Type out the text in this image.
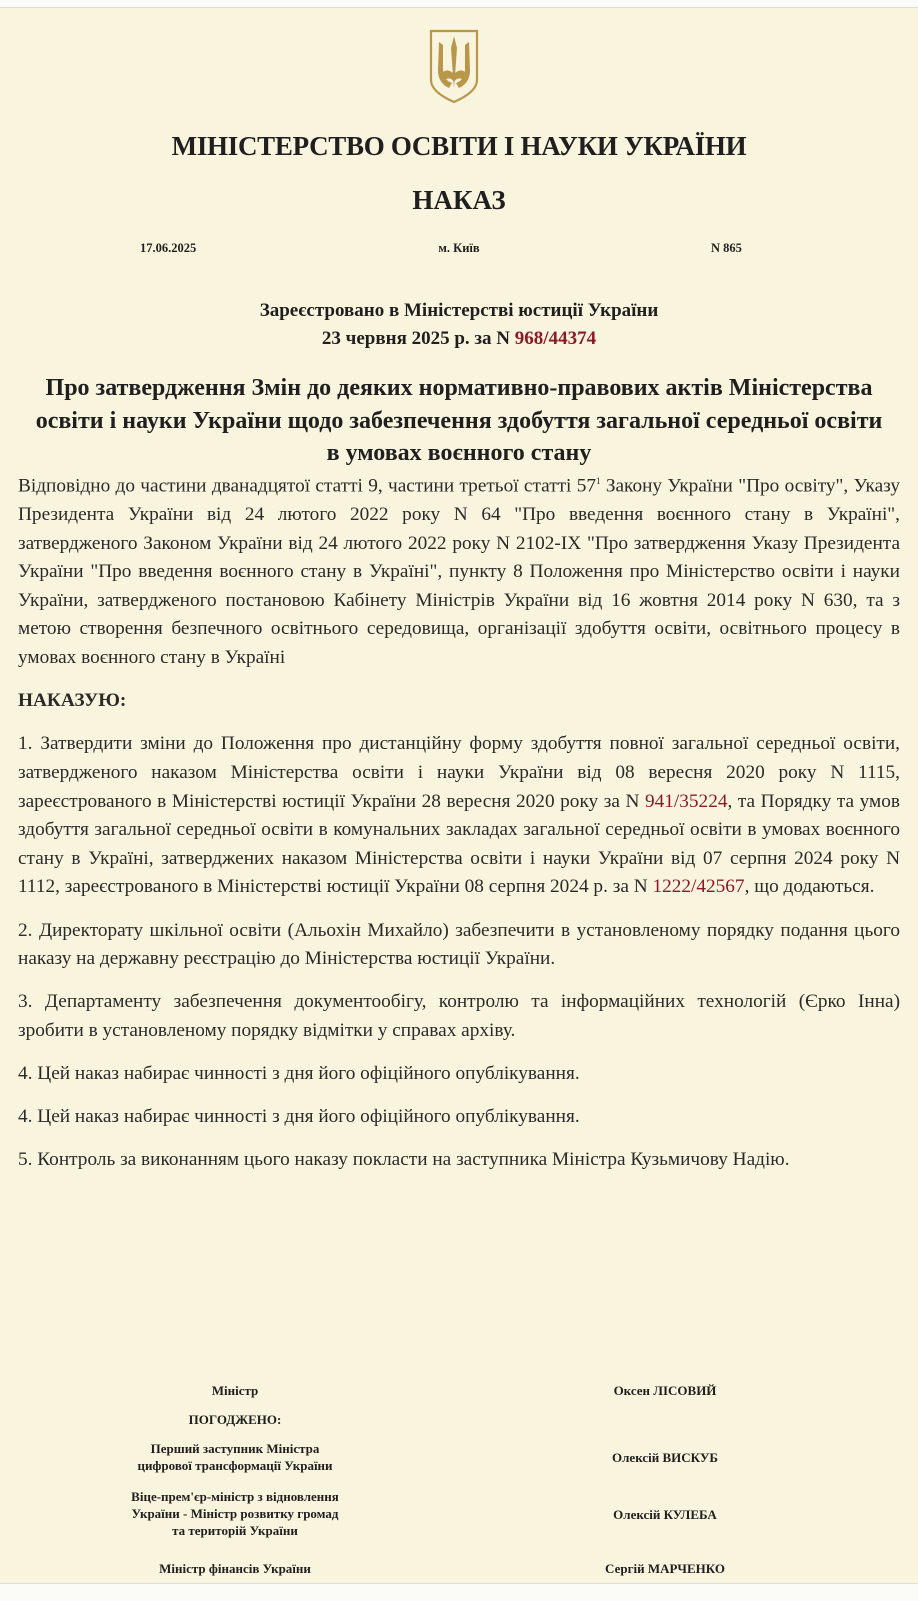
МІНІСТЕРСТВО ОСВІТИ І НАУКИ УКРАЇНИ
НАКАЗ
17.06.2025	м. Київ	N 865
Зареєстровано в Міністерстві юстиції України
23 червня 2025 р. за N 968/44374
Про затвердження Змін до деяких нормативно-правових актів Міністерства освіти і науки України щодо забезпечення здобуття загальної середньої освіти в умовах воєнного стану

Відповідно до частини дванадцятої статті 9, частини третьої статті $57^1$ Закону України "Про освіту", Указу Президента України від 24 лютого 2022 року N 64 "Про введення воєнного стану в Україні", затвердженого Законом України від 24 лютого 2022 року N 2102-IX "Про затвердження Указу Президента України "Про введення воєнного стану в Україні", пункту 8 Положення про Міністерство освіти і науки України, затвердженого постановою Кабінету Міністрів України від 16 жовтня 2014 року N 630, та з метою створення безпечного освітнього середовища, організації здобуття освіти, освітнього процесу в умовах воєнного стану в Україні

НАКАЗУЮ:

1. Затвердити зміни до Положення про дистанційну форму здобуття повної загальної середньої освіти, затвердженого наказом Міністерства освіти і науки України від 08 вересня 2020 року N 1115, зареєстрованого в Міністерстві юстиції України 28 вересня 2020 року за N 941/35224, та Порядку та умов здобуття загальної середньої освіти в комунальних закладах загальної середньої освіти в умовах воєнного стану в Україні, затверджених наказом Міністерства освіти і науки України від 07 серпня 2024 року N 1112, зареєстрованого в Міністерстві юстиції України 08 серпня 2024 р. за N 1222/42567, що додаються.

2. Директорату шкільної освіти (Альохін Михайло) забезпечити в установленому порядку подання цього наказу на державну реєстрацію до Міністерства юстиції України.

3. Департаменту забезпечення документообігу, контролю та інформаційних технологій (Єрко Інна) зробити в установленому порядку відмітки у справах архіву.

4. Цей наказ набирає чинності з дня його офіційного опублікування.

4. Цей наказ набирає чинності з дня його офіційного опублікування.

5. Контроль за виконанням цього наказу покласти на заступника Міністра Кузьмичову Надію.

Міністр	Оксен ЛІСОВИЙ
ПОГОДЖЕНО:
Перший заступник Міністра
цифрової трансформації України
Олексій ВИСКУБ
Віце-прем'єр-міністр з відновлення
України - Міністр розвитку громад
та територій України
Олексій КУЛЕБА
Міністр фінансів України	Сергій МАРЧЕНКО
